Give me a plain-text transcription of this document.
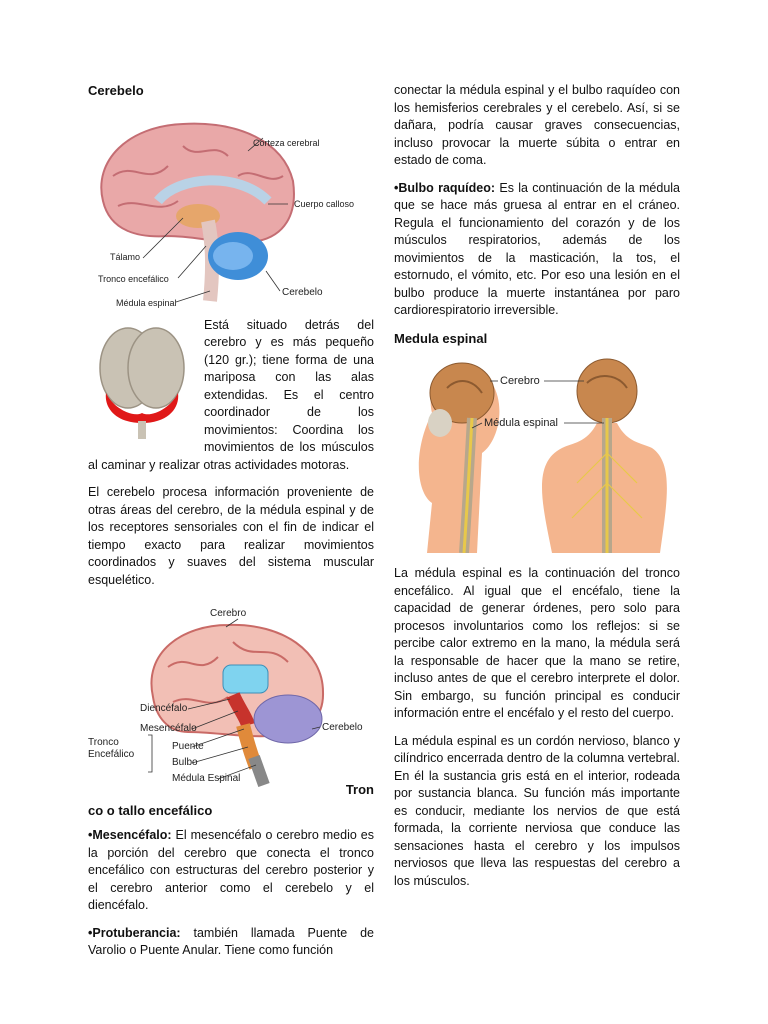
Cerebelo
Corteza cerebral
Cuerpo calloso
Tálamo
Tronco encefálico
Médula espinal
Cerebelo

Está situado detrás del cerebro y es más pequeño (120 gr.); tiene forma de una mariposa con las alas extendidas. Es el centro coordinador de los movimientos: Coordina los movimientos de los músculos al caminar y realizar otras actividades motoras.

El cerebelo procesa información proveniente de otras áreas del cerebro, de la médula espinal y de los receptores sensoriales con el fin de indicar el tiempo exacto para realizar movimientos coordinados y suaves del sistema muscular esquelético.

Cerebro
Diencéfalo
Mesencéfalo
Puente
Bulbo
Médula Espinal
Tronco
Encefálico
Cerebelo
Tron
co o tallo encefálico

•Mesencéfalo: El mesencéfalo o cerebro medio es la porción del cerebro que conecta el tronco encefálico con estructuras del cerebro posterior y el cerebro anterior como el cerebelo y el diencéfalo.

•Protuberancia: también llamada Puente de Varolio o Puente Anular. Tiene como función

conectar la médula espinal y el bulbo raquídeo con los hemisferios cerebrales y el cerebelo. Así, si se dañara, podría causar graves consecuencias, incluso provocar la muerte súbita o entrar en estado de coma.

•Bulbo raquídeo: Es la continuación de la médula que se hace más gruesa al entrar en el cráneo. Regula el funcionamiento del corazón y de los músculos respiratorios, además de los movimientos de la masticación, la tos, el estornudo, el vómito, etc. Por eso una lesión en el bulbo produce la muerte instantánea por paro cardiorespiratorio irreversible.

Medula espinal
Cerebro
Médula espinal

La médula espinal es la continuación del tronco encefálico. Al igual que el encéfalo, tiene la capacidad de generar órdenes, pero solo para procesos involuntarios como los reflejos: si se percibe calor extremo en la mano, la médula será la responsable de hacer que la mano se retire, incluso antes de que el cerebro interprete el dolor. Sin embargo, su función principal es conducir información entre el encéfalo y el resto del cuerpo.

La médula espinal es un cordón nervioso, blanco y cilíndrico encerrada dentro de la columna vertebral. En él la sustancia gris está en el interior, rodeada por sustancia blanca. Su función más importante es conducir, mediante los nervios de que está formada, la corriente nerviosa que conduce las sensaciones hasta el cerebro y los impulsos nerviosos que lleva las respuestas del cerebro a los músculos.
